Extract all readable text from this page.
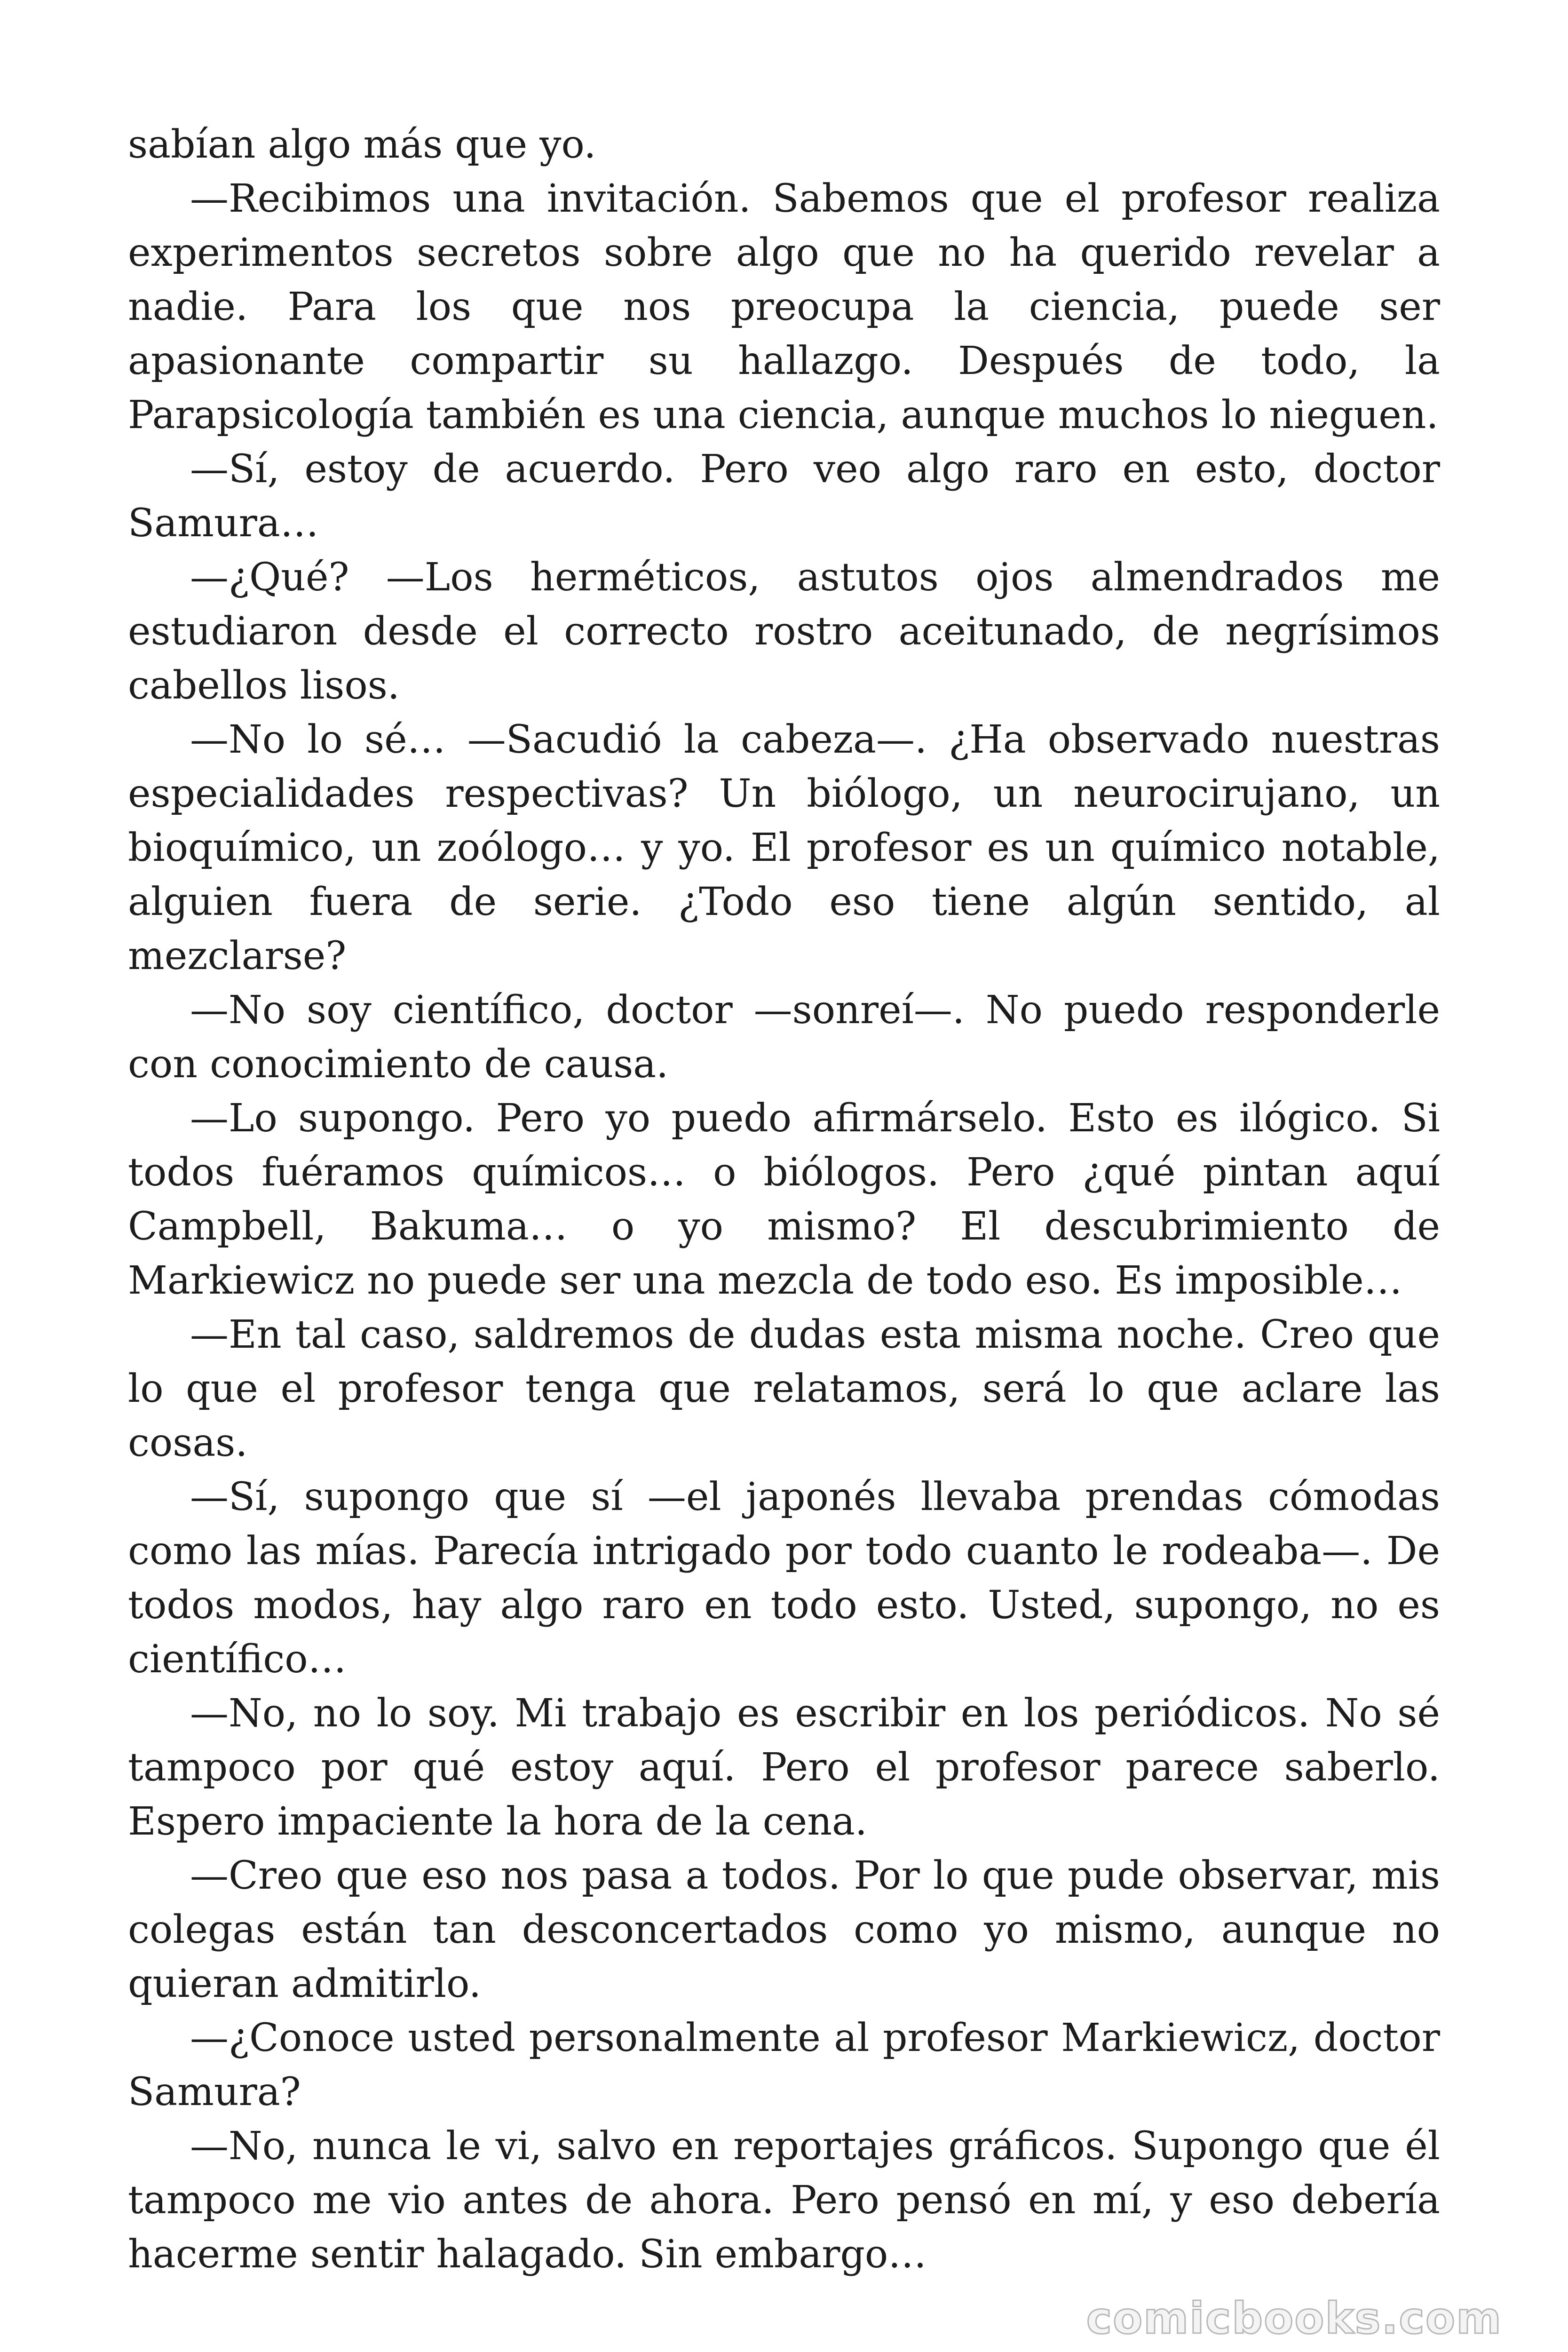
sabían algo más que yo.

—Recibimos una invitación. Sabemos que el profesor realiza experimentos secretos sobre algo que no ha querido revelar a nadie. Para los que nos preocupa la ciencia, puede ser apasionante compartir su hallazgo. Después de todo, la Parapsicología también es una ciencia, aunque muchos lo nieguen.

—Sí, estoy de acuerdo. Pero veo algo raro en esto, doctor Samura…

—¿Qué? —Los herméticos, astutos ojos almendrados me estudiaron desde el correcto rostro aceitunado, de negrísimos cabellos lisos.

—No lo sé… —Sacudió la cabeza—. ¿Ha observado nuestras especialidades respectivas? Un biólogo, un neurocirujano, un bioquímico, un zoólogo… y yo. El profesor es un químico notable, alguien fuera de serie. ¿Todo eso tiene algún sentido, al mezclarse?

—No soy científico, doctor —sonreí—. No puedo responderle con conocimiento de causa.

—Lo supongo. Pero yo puedo afirmárselo. Esto es ilógico. Si todos fuéramos químicos… o biólogos. Pero ¿qué pintan aquí Campbell, Bakuma… o yo mismo? El descubrimiento de Markiewicz no puede ser una mezcla de todo eso. Es imposible…

—En tal caso, saldremos de dudas esta misma noche. Creo que lo que el profesor tenga que relatamos, será lo que aclare las cosas.

—Sí, supongo que sí —el japonés llevaba prendas cómodas como las mías. Parecía intrigado por todo cuanto le rodeaba—. De todos modos, hay algo raro en todo esto. Usted, supongo, no es científico…

—No, no lo soy. Mi trabajo es escribir en los periódicos. No sé tampoco por qué estoy aquí. Pero el profesor parece saberlo. Espero impaciente la hora de la cena.

—Creo que eso nos pasa a todos. Por lo que pude observar, mis colegas están tan desconcertados como yo mismo, aunque no quieran admitirlo.

—¿Conoce usted personalmente al profesor Markiewicz, doctor Samura?

—No, nunca le vi, salvo en reportajes gráficos. Supongo que él tampoco me vio antes de ahora. Pero pensó en mí, y eso debería hacerme sentir halagado. Sin embargo…

comicbooks.com
